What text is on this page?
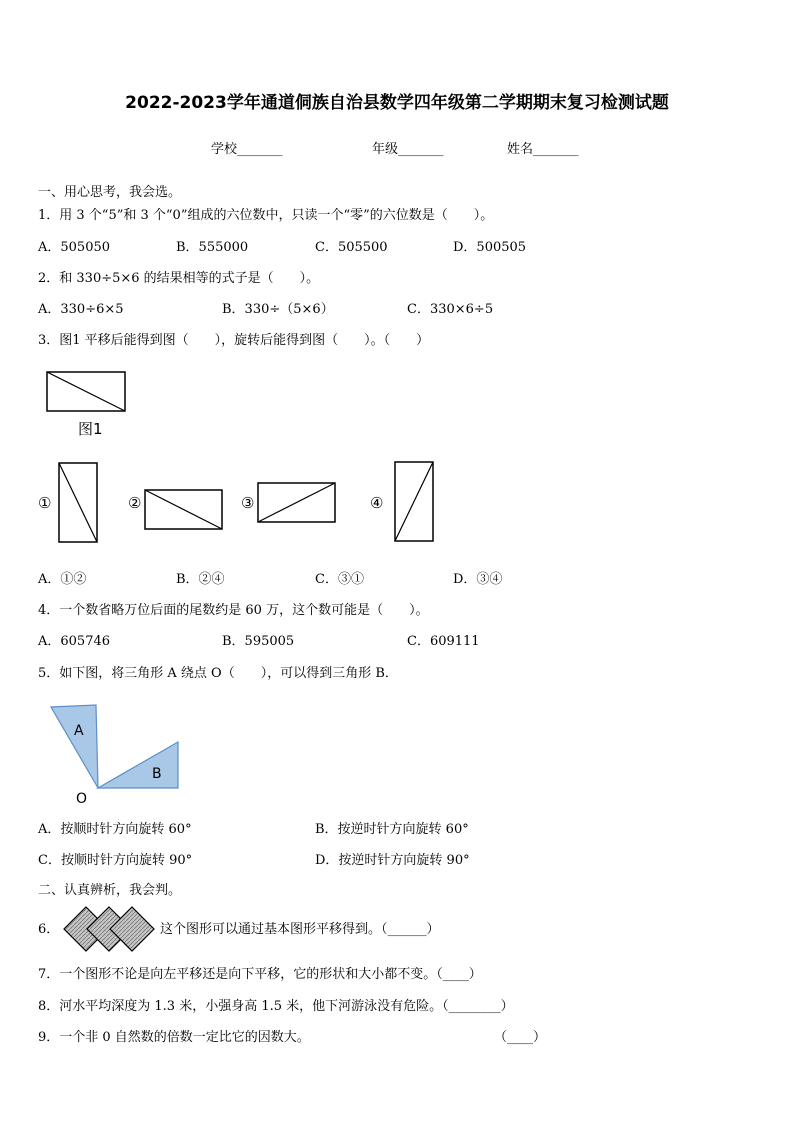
2022-2023学年通道侗族自治县数学四年级第二学期期末复习检测试题
学校_______	年级_______	姓名_______
一、用心思考，我会选。
1．用 3 个“5”和 3 个“0”组成的六位数中，只读一个“零”的六位数是（　　）。
A．505050	B．555000	C．505500	D．500505
2．和 330÷5×6 的结果相等的式子是（　　）。
A．330÷6×5	B．330÷（5×6）	C．330×6÷5
3．图1 平移后能得到图（　　），旋转后能得到图（　　）。（　　）
图1
①	②	③	④
A．①②	B．②④	C．③①	D．③④
4．一个数省略万位后面的尾数约是 60 万，这个数可能是（　　）。
A．605746	B．595005	C．609111
5．如下图，将三角形 A 绕点 O（　　），可以得到三角形 B．
A
B
O
A．按顺时针方向旋转 60°	B．按逆时针方向旋转 60°
C．按顺时针方向旋转 90°	D．按逆时针方向旋转 90°
二、认真辨析，我会判。
6．	这个图形可以通过基本图形平移得到。（______）
7．一个图形不论是向左平移还是向下平移，它的形状和大小都不变。（____）
8．河水平均深度为 1.3 米，小强身高 1.5 米，他下河游泳没有危险。（________）
9．一个非 0 自然数的倍数一定比它的因数大。	（____）
